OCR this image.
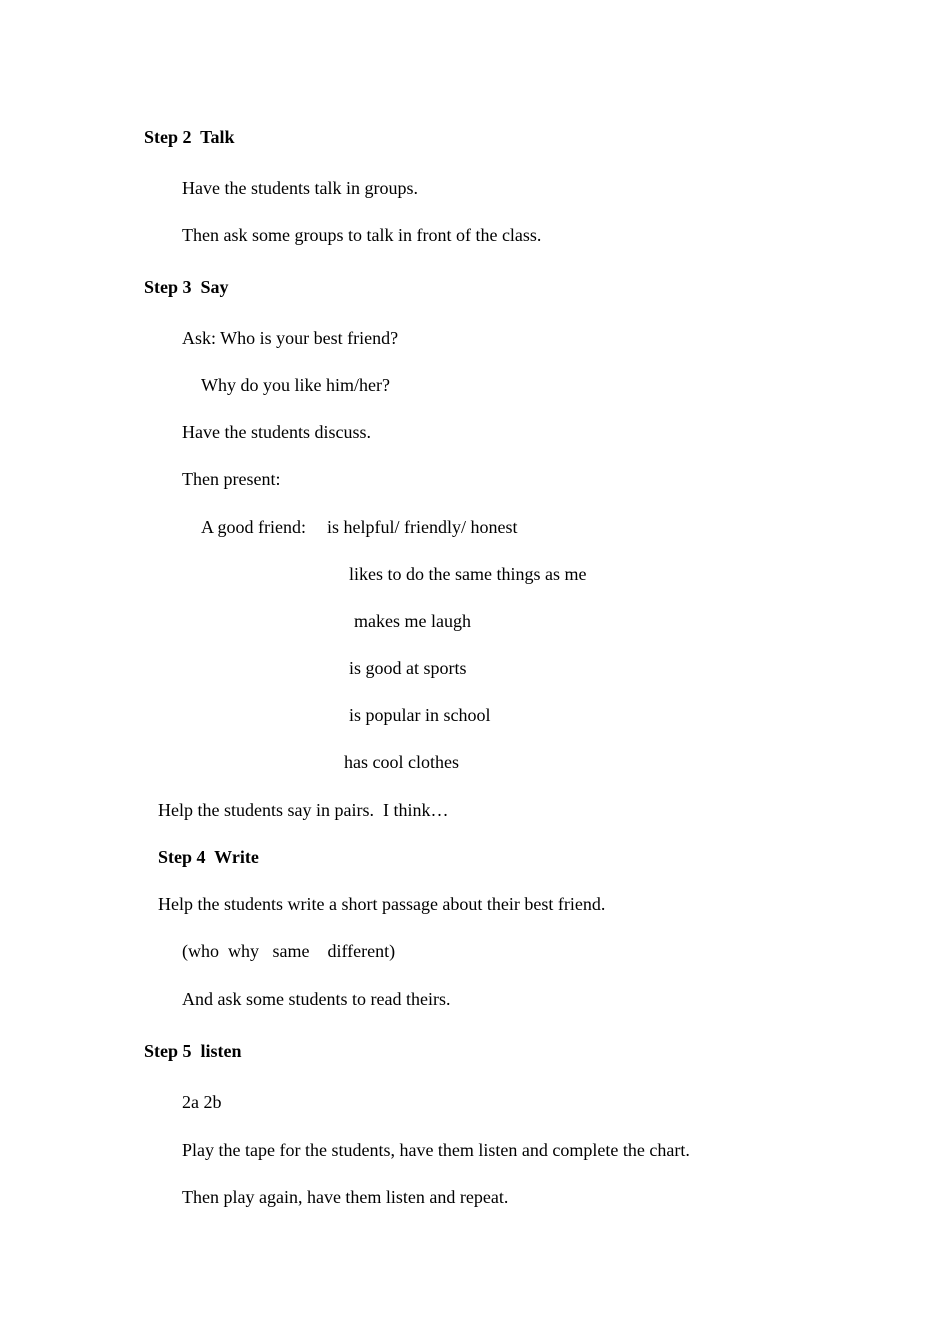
Step 2  Talk
Have the students talk in groups.
Then ask some groups to talk in front of the class.
Step 3  Say
Ask: Who is your best friend?
Why do you like him/her?
Have the students discuss.
Then present:
A good friend: is helpful/ friendly/ honest
likes to do the same things as me
makes me laugh
is good at sports
is popular in school
has cool clothes
Help the students say in pairs.  I think…
Step 4  Write
Help the students write a short passage about their best friend.
(who  why   same    different)
And ask some students to read theirs.
Step 5  listen
2a 2b
Play the tape for the students, have them listen and complete the chart.
Then play again, have them listen and repeat.
